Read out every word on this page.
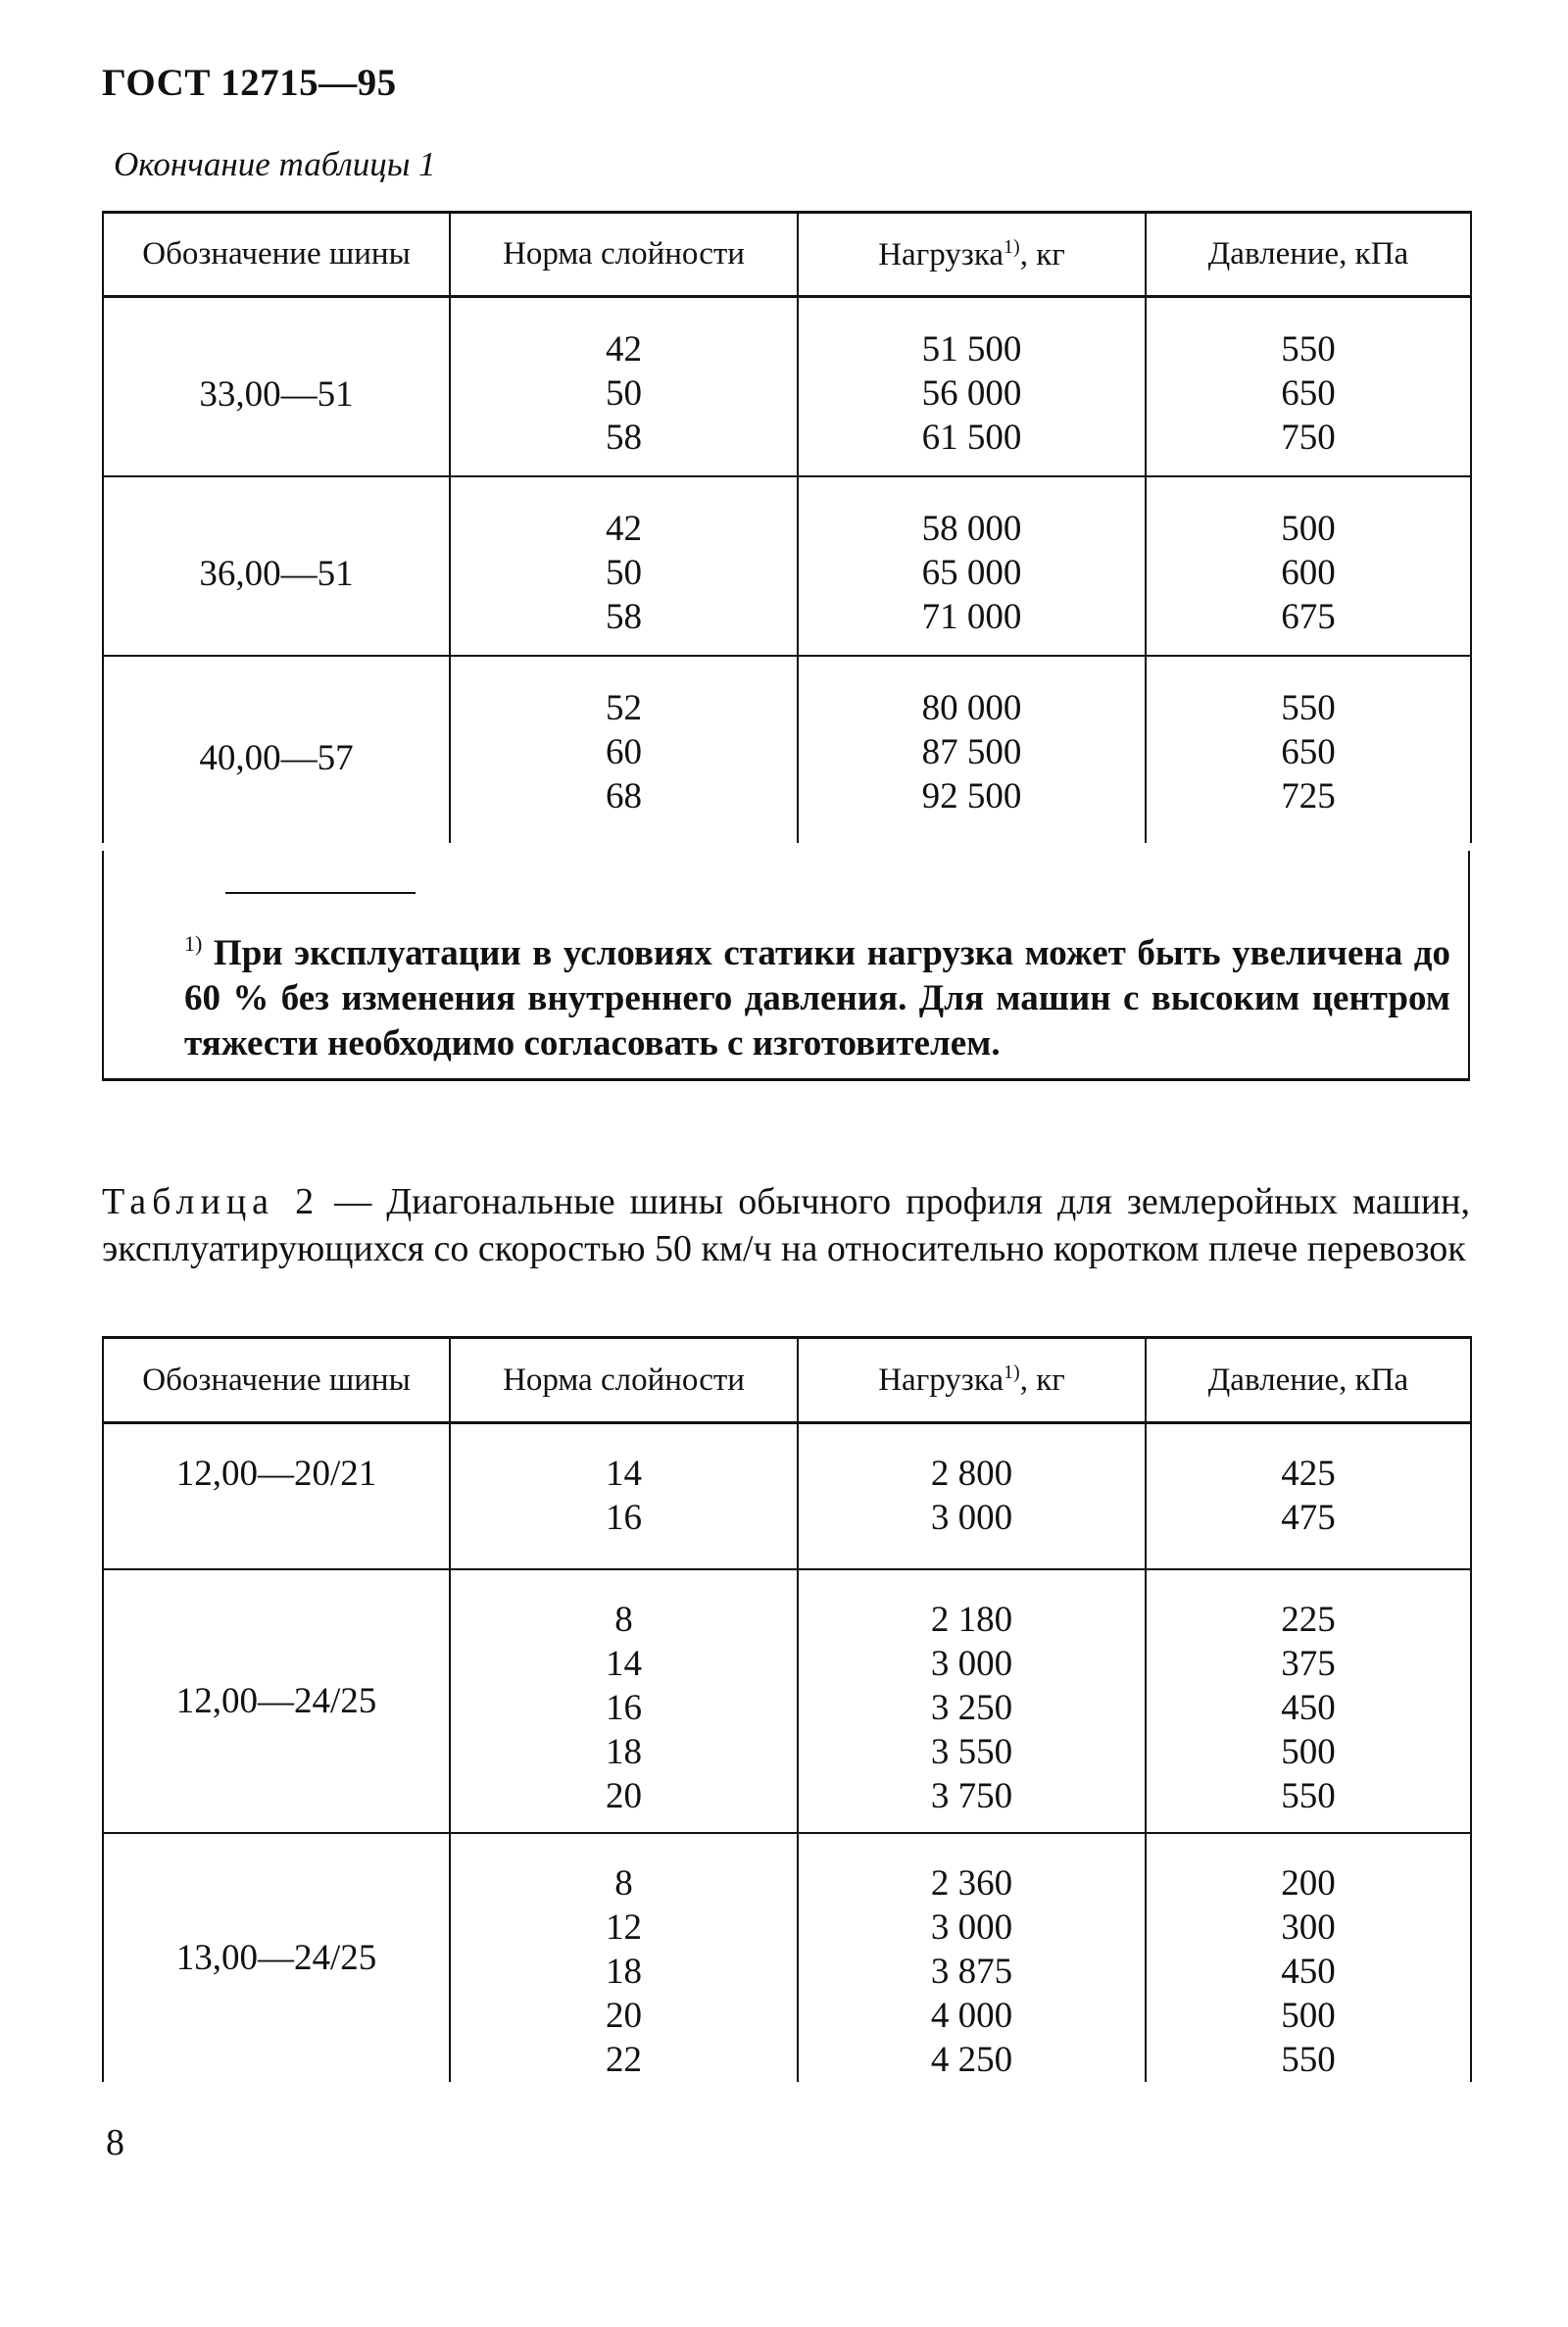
ГОСТ 12715—95
Окончание таблицы 1
Обозначение шины	Норма слойности	Нагрузка$^{1)}$, кг	Давление, кПа

33,00—51	42
50
58	51 500
56 000
61 500	550
650
750

36,00—51	42
50
58	58 000
65 000
71 000	500
600
675

40,00—57	52
60
68	80 000
87 500
92 500	550
650
725
$^{1)}$ При эксплуатации в условиях статики нагрузка может быть увеличена до 60 % без изменения внутреннего давления. Для машин с высоким центром тяжести необходимо согласовать с изготовителем.
Таблица 2 — Диагональные шины обычного профиля для землеройных машин, эксплуатирующихся со скоростью 50 км/ч на относительно коротком плече перевозок
Обозначение шины	Норма слойности	Нагрузка$^{1)}$, кг	Давление, кПа

12,00—20/21	14
16	2 800
3 000	425
475

12,00—24/25	8
14
16
18
20	2 180
3 000
3 250
3 550
3 750	225
375
450
500
550

13,00—24/25	8
12
18
20
22	2 360
3 000
3 875
4 000
4 250	200
300
450
500
550
8
